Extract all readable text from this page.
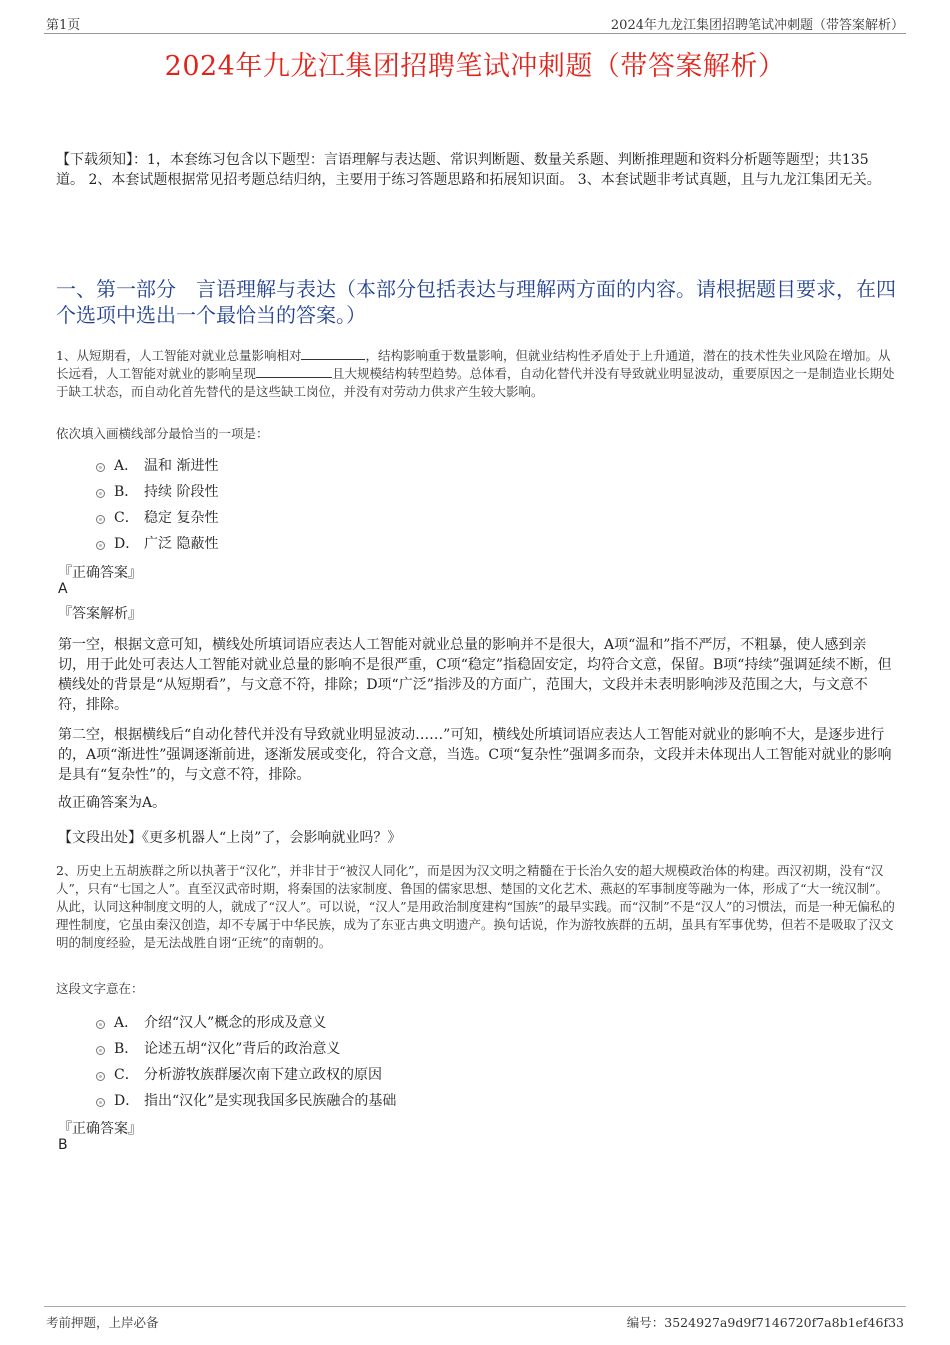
第1页	2024年九龙江集团招聘笔试冲刺题（带答案解析）
2024年九龙江集团招聘笔试冲刺题（带答案解析）
【下载须知】：1，本套练习包含以下题型：言语理解与表达题、常识判断题、数量关系题、判断推理题和资料分析题等题型；共135道。 2、本套试题根据常见招考题总结归纳，主要用于练习答题思路和拓展知识面。 3、本套试题非考试真题，且与九龙江集团无关。
一、第一部分　言语理解与表达（本部分包括表达与理解两方面的内容。请根据题目要求，在四个选项中选出一个最恰当的答案。）
1、从短期看，人工智能对就业总量影响相对	，结构影响重于数量影响，但就业结构性矛盾处于上升通道，潜在的技术性失业风险在增加。从长远看，人工智能对就业的影响呈现	且大规模结构转型趋势。总体看，自动化替代并没有导致就业明显波动，重要原因之一是制造业长期处于缺工状态，而自动化首先替代的是这些缺工岗位，并没有对劳动力供求产生较大影响。
依次填入画横线部分最恰当的一项是：
A． 温和 渐进性
B． 持续 阶段性
C． 稳定 复杂性
D． 广泛 隐蔽性
『正确答案』
A
『答案解析』
第一空，根据文意可知，横线处所填词语应表达人工智能对就业总量的影响并不是很大，A项“温和”指不严厉，不粗暴，使人感到亲切，用于此处可表达人工智能对就业总量的影响不是很严重，C项“稳定”指稳固安定，均符合文意，保留。B项“持续”强调延续不断，但横线处的背景是“从短期看”，与文意不符，排除；D项“广泛”指涉及的方面广，范围大，文段并未表明影响涉及范围之大，与文意不符，排除。
第二空，根据横线后“自动化替代并没有导致就业明显波动……”可知，横线处所填词语应表达人工智能对就业的影响不大，是逐步进行的，A项“渐进性”强调逐渐前进，逐渐发展或变化，符合文意，当选。C项“复杂性”强调多而杂，文段并未体现出人工智能对就业的影响是具有“复杂性”的，与文意不符，排除。
故正确答案为A。
【文段出处】《更多机器人“上岗”了，会影响就业吗？》
2、历史上五胡族群之所以执著于“汉化”，并非甘于“被汉人同化”，而是因为汉文明之精髓在于长治久安的超大规模政治体的构建。西汉初期，没有“汉人”，只有“七国之人”。直至汉武帝时期，将秦国的法家制度、鲁国的儒家思想、楚国的文化艺术、燕赵的军事制度等融为一体，形成了“大一统汉制”。从此，认同这种制度文明的人，就成了“汉人”。可以说，“汉人”是用政治制度建构“国族”的最早实践。而“汉制”不是“汉人”的习惯法，而是一种无偏私的理性制度，它虽由秦汉创造，却不专属于中华民族，成为了东亚古典文明遗产。换句话说，作为游牧族群的五胡，虽具有军事优势，但若不是吸取了汉文明的制度经验，是无法战胜自诩“正统”的南朝的。
这段文字意在：
A． 介绍“汉人”概念的形成及意义
B． 论述五胡“汉化”背后的政治意义
C． 分析游牧族群屡次南下建立政权的原因
D． 指出“汉化”是实现我国多民族融合的基础
『正确答案』
B
考前押题，上岸必备	编号：3524927a9d9f7146720f7a8b1ef46f33
